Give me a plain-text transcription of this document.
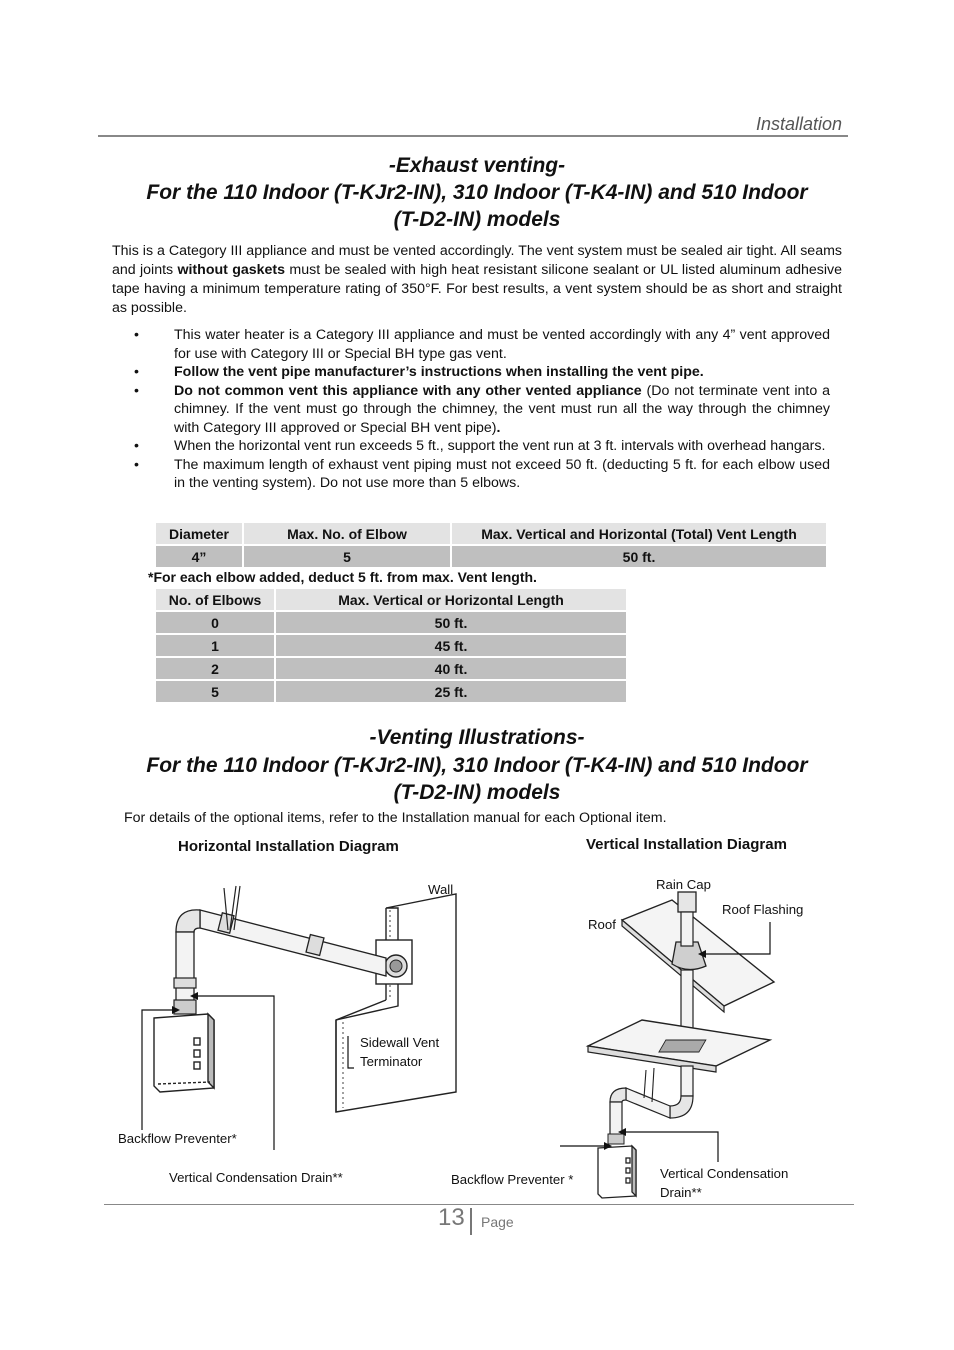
Installation
-Exhaust venting-
For the 110 Indoor (T-KJr2-IN), 310 Indoor (T-K4-IN) and 510 Indoor
(T-D2-IN) models
This is a Category III appliance and must be vented accordingly. The vent system must be sealed air tight. All seams and joints without gaskets must be sealed with high heat resistant silicone sealant or UL listed aluminum adhesive tape having a minimum temperature rating of 350°F. For best results, a vent system should be as short and straight as possible.
• This water heater is a Category III appliance and must be vented accordingly with any 4” vent approved for use with Category III or Special BH type gas vent.
• Follow the vent pipe manufacturer’s instructions when installing the vent pipe.
• Do not common vent this appliance with any other vented appliance (Do not terminate vent into a chimney. If the vent must go through the chimney, the vent must run all the way through the chimney with Category III approved or Special BH vent pipe).
• When the horizontal vent run exceeds 5 ft., support the vent run at 3 ft. intervals with overhead hangars.
• The maximum length of exhaust vent piping must not exceed 50 ft. (deducting 5 ft. for each elbow used in the venting system). Do not use more than 5 elbows.
Diameter	Max. No. of Elbow	Max. Vertical and Horizontal (Total) Vent Length
4”	5	50 ft.
*For each elbow added, deduct 5 ft. from max. Vent length.
No. of Elbows	Max. Vertical or Horizontal Length
0	50 ft.
1	45 ft.
2	40 ft.
5	25 ft.
-Venting Illustrations-
For the 110 Indoor (T-KJr2-IN), 310 Indoor (T-K4-IN) and 510 Indoor
(T-D2-IN) models
For details of the optional items, refer to the Installation manual for each Optional item.
Horizontal Installation Diagram	Vertical Installation Diagram
Wall
Sidewall Vent
Terminator
Backflow Preventer*
Vertical Condensation Drain**
Rain Cap
Roof
Roof Flashing
Backflow Preventer *	Vertical Condensation
Drain**
13 Page
